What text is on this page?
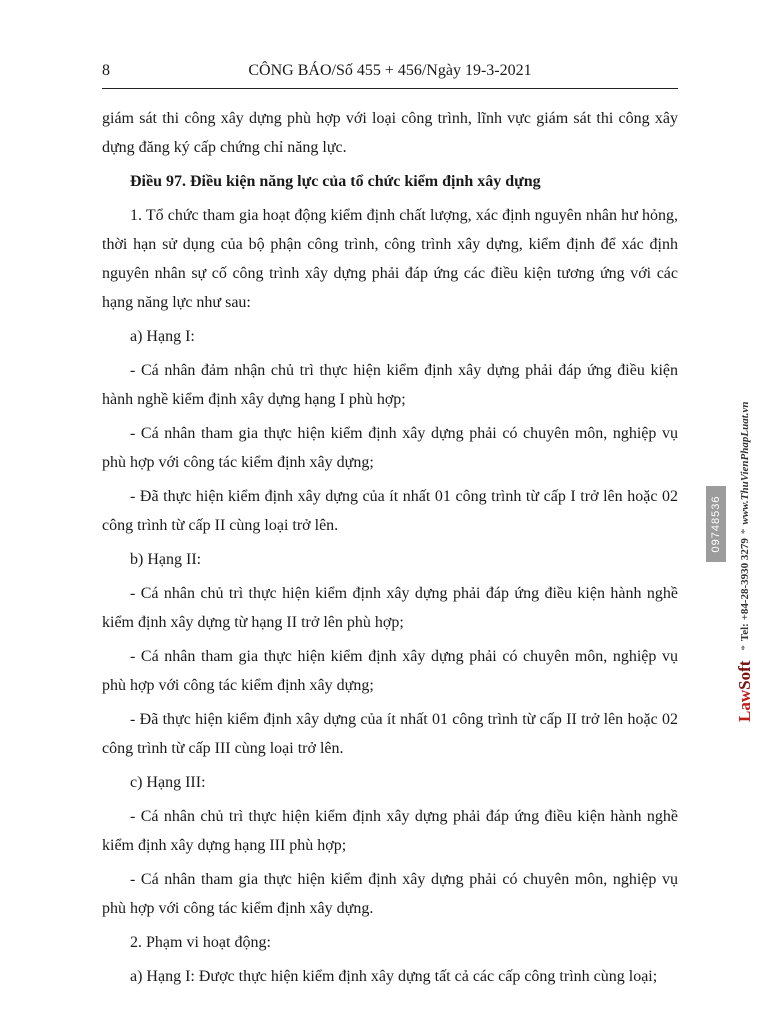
8	CÔNG BÁO/Số 455 + 456/Ngày 19-3-2021

giám sát thi công xây dựng phù hợp với loại công trình, lĩnh vực giám sát thi công xây dựng đăng ký cấp chứng chỉ năng lực.

Điều 97. Điều kiện năng lực của tổ chức kiểm định xây dựng

1. Tổ chức tham gia hoạt động kiểm định chất lượng, xác định nguyên nhân hư hỏng, thời hạn sử dụng của bộ phận công trình, công trình xây dựng, kiểm định để xác định nguyên nhân sự cố công trình xây dựng phải đáp ứng các điều kiện tương ứng với các hạng năng lực như sau:

a) Hạng I:

- Cá nhân đảm nhận chủ trì thực hiện kiểm định xây dựng phải đáp ứng điều kiện hành nghề kiểm định xây dựng hạng I phù hợp;

- Cá nhân tham gia thực hiện kiểm định xây dựng phải có chuyên môn, nghiệp vụ phù hợp với công tác kiểm định xây dựng;

- Đã thực hiện kiểm định xây dựng của ít nhất 01 công trình từ cấp I trở lên hoặc 02 công trình từ cấp II cùng loại trở lên.

b) Hạng II:

- Cá nhân chủ trì thực hiện kiểm định xây dựng phải đáp ứng điều kiện hành nghề kiểm định xây dựng từ hạng II trở lên phù hợp;

- Cá nhân tham gia thực hiện kiểm định xây dựng phải có chuyên môn, nghiệp vụ phù hợp với công tác kiểm định xây dựng;

- Đã thực hiện kiểm định xây dựng của ít nhất 01 công trình từ cấp II trở lên hoặc 02 công trình từ cấp III cùng loại trở lên.

c) Hạng III:

- Cá nhân chủ trì thực hiện kiểm định xây dựng phải đáp ứng điều kiện hành nghề kiểm định xây dựng hạng III phù hợp;

- Cá nhân tham gia thực hiện kiểm định xây dựng phải có chuyên môn, nghiệp vụ phù hợp với công tác kiểm định xây dựng.

2. Phạm vi hoạt động:

a) Hạng I: Được thực hiện kiểm định xây dựng tất cả các cấp công trình cùng loại;

09748536
LawSoft
*
Tel: +84-28-3930 3279
*
www.ThuVienPhapLuat.vn
